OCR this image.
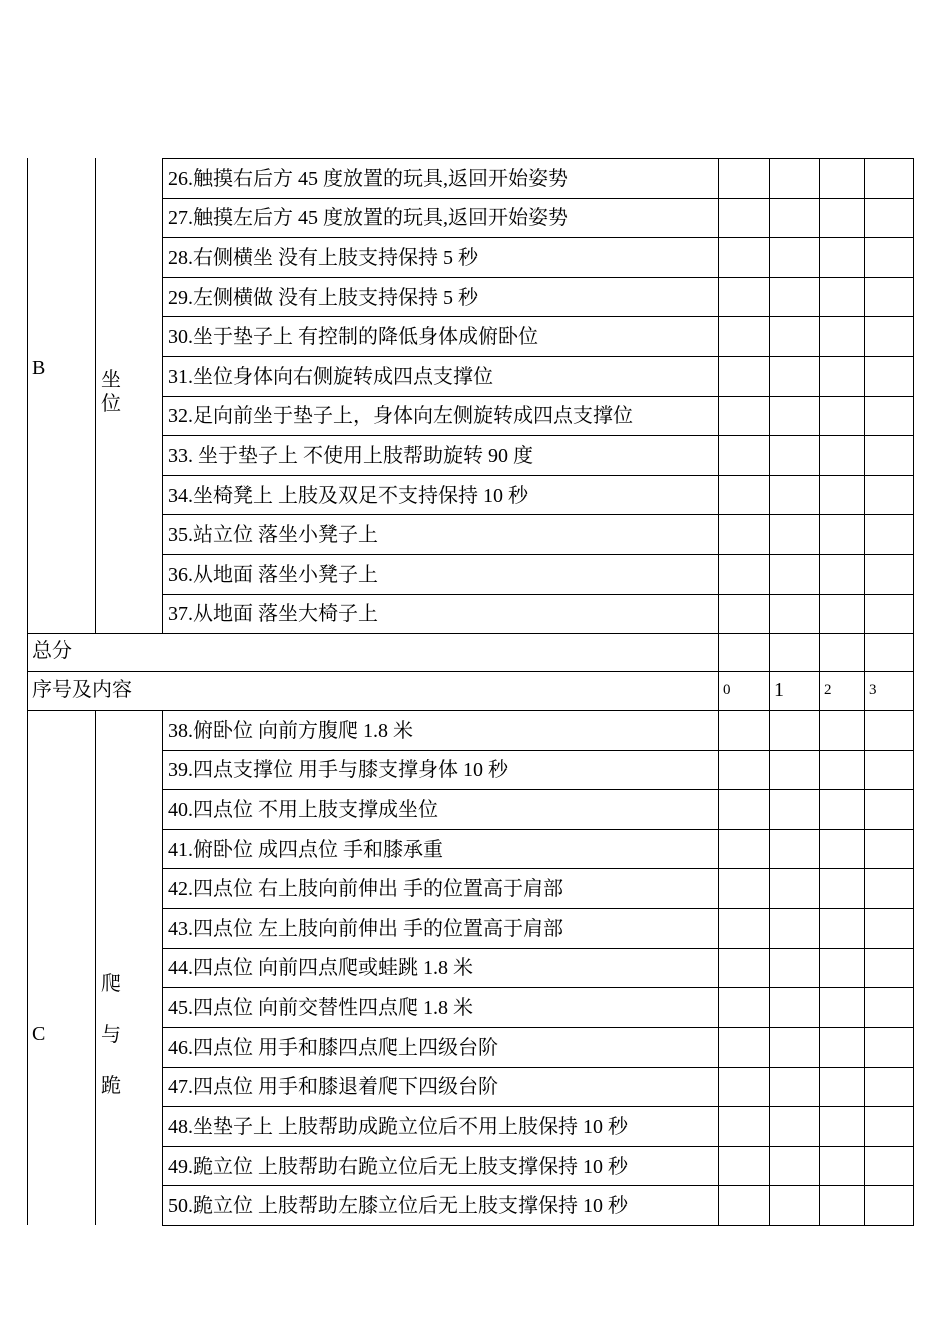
B
坐
位
26.触摸右后方 45 度放置的玩具,返回开始姿势
27.触摸左后方 45 度放置的玩具,返回开始姿势
28.右侧横坐 没有上肢支持保持 5 秒
29.左侧横做 没有上肢支持保持 5 秒
30.坐于垫子上 有控制的降低身体成俯卧位
31.坐位身体向右侧旋转成四点支撑位
32.足向前坐于垫子上，身体向左侧旋转成四点支撑位
33. 坐于垫子上 不使用上肢帮助旋转 90 度
34.坐椅凳上 上肢及双足不支持保持 10 秒
35.站立位 落坐小凳子上
36.从地面 落坐小凳子上
37.从地面 落坐大椅子上
总分
序号及内容	0 1	2	3
C
爬
与
跪
38.俯卧位 向前方腹爬 1.8 米
39.四点支撑位 用手与膝支撑身体 10 秒
40.四点位 不用上肢支撑成坐位
41.俯卧位 成四点位 手和膝承重
42.四点位 右上肢向前伸出 手的位置高于肩部
43.四点位 左上肢向前伸出 手的位置高于肩部
44.四点位 向前四点爬或蛙跳 1.8 米
45.四点位 向前交替性四点爬 1.8 米
46.四点位 用手和膝四点爬上四级台阶
47.四点位 用手和膝退着爬下四级台阶
48.坐垫子上 上肢帮助成跪立位后不用上肢保持 10 秒
49.跪立位 上肢帮助右跪立位后无上肢支撑保持 10 秒
50.跪立位 上肢帮助左膝立位后无上肢支撑保持 10 秒
